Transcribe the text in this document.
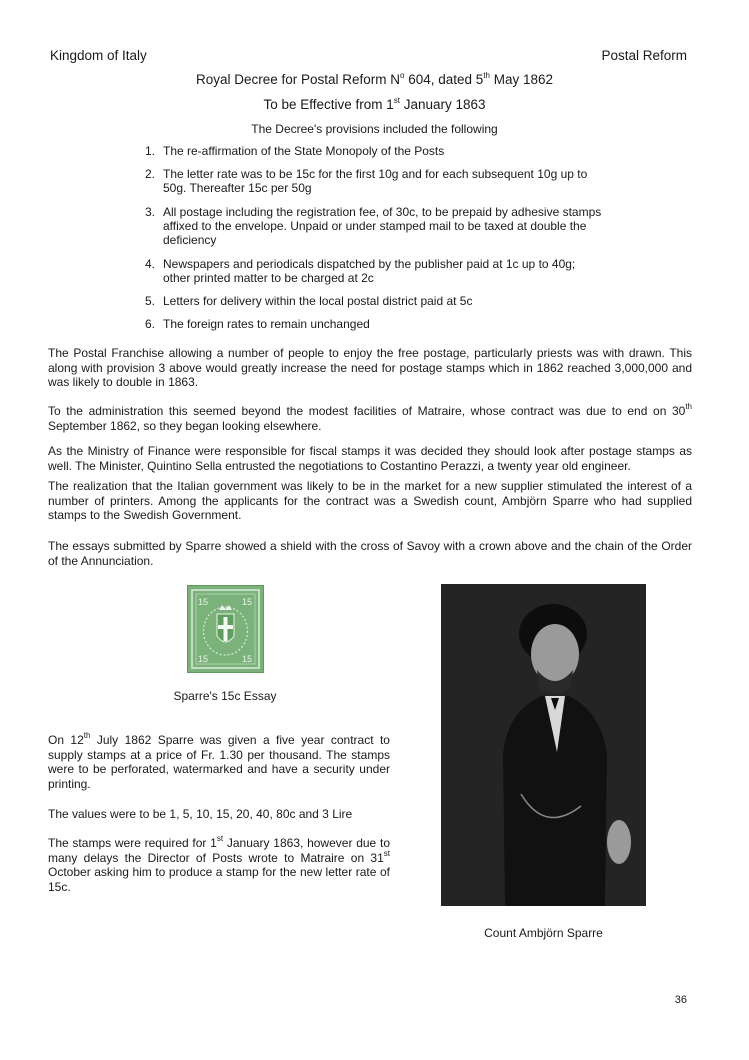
Kingdom of Italy	Postal Reform
Royal Decree for Postal Reform $N^o$ 604, dated 5th May 1862
To be Effective from 1st January 1863
The Decree's provisions included the following
1. The re-affirmation of the State Monopoly of the Posts
2. The letter rate was to be 15c for the first 10g and for each subsequent 10g up to 50g. Thereafter 15c per 50g
3. All postage including the registration fee, of 30c, to be prepaid by adhesive stamps affixed to the envelope. Unpaid or under stamped mail to be taxed at double the deficiency
4. Newspapers and periodicals dispatched by the publisher paid at 1c up to 40g; other printed matter to be charged at 2c
5. Letters for delivery within the local postal district paid at 5c
6. The foreign rates to remain unchanged

The Postal Franchise allowing a number of people to enjoy the free postage, particularly priests was with drawn. This along with provision 3 above would greatly increase the need for postage stamps which in 1862 reached 3,000,000 and was likely to double in 1863.

To the administration this seemed beyond the modest facilities of Matraire, whose contract was due to end on 30th September 1862, so they began looking elsewhere.

As the Ministry of Finance were responsible for fiscal stamps it was decided they should look after postage stamps as well. The Minister, Quintino Sella entrusted the negotiations to Costantino Perazzi, a twenty year old engineer.

The realization that the Italian government was likely to be in the market for a new supplier stimulated the interest of a number of printers. Among the applicants for the contract was a Swedish count, Ambjörn Sparre who had supplied stamps to the Swedish Government.

The essays submitted by Sparre showed a shield with the cross of Savoy with a crown above and the chain of the Order of the Annunciation.

15	15
15	15
Sparre's 15c Essay

On 12th July 1862 Sparre was given a five year contract to supply stamps at a price of Fr. 1.30 per thousand. The stamps were to be perforated, watermarked and have a security under printing.

The values were to be 1, 5, 10, 15, 20, 40, 80c and 3 Lire

The stamps were required for 1st January 1863, however due to many delays the Director of Posts wrote to Matraire on 31st October asking him to produce a stamp for the new letter rate of 15c.

Count Ambjörn Sparre
36
